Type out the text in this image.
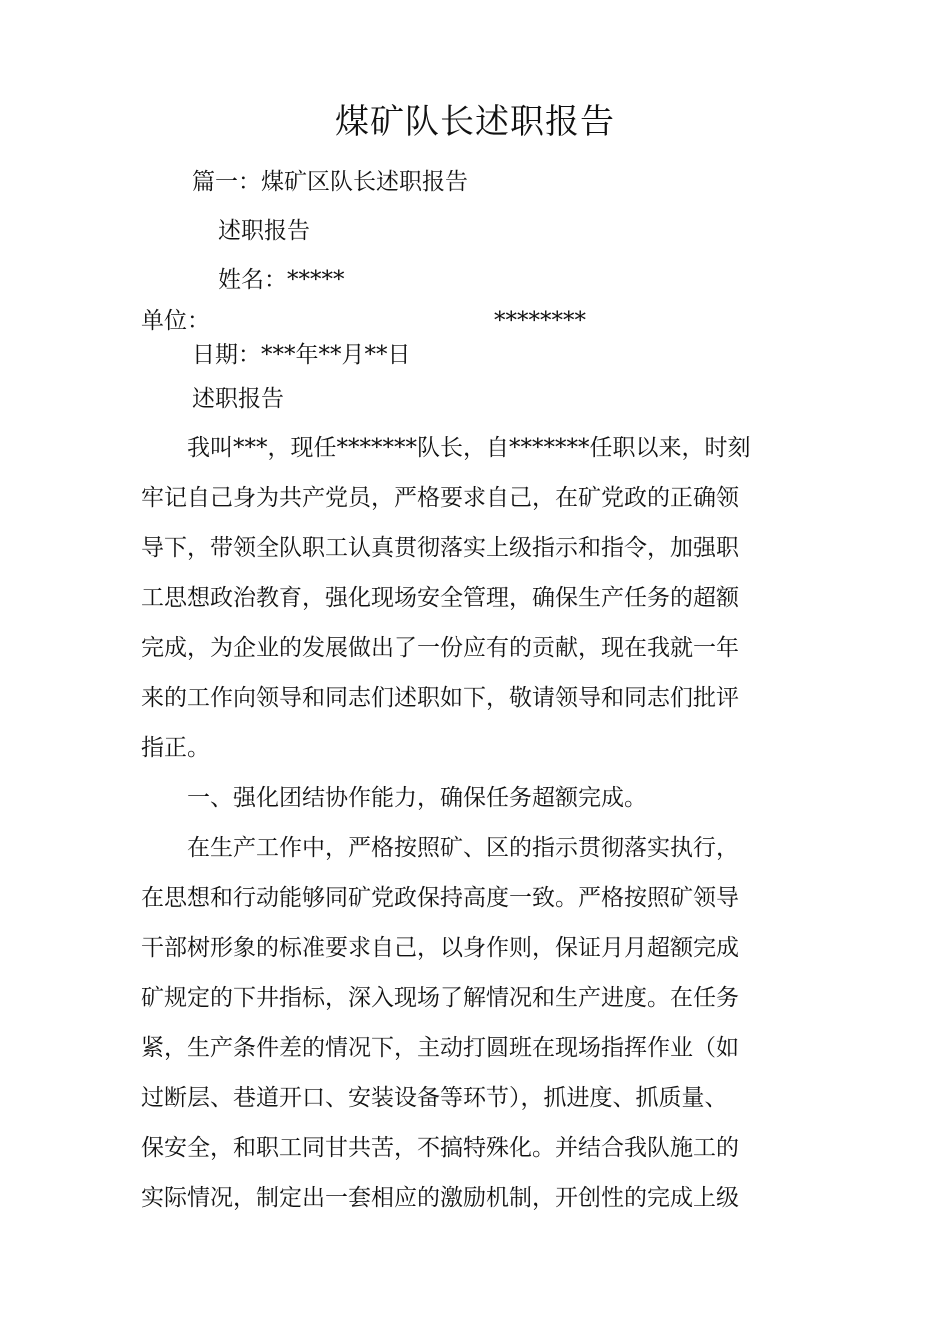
煤矿队长述职报告
篇一：煤矿区队长述职报告
述职报告
姓名：*****
单位：	********
日期：***年**月**日
述职报告
　　我叫***，现任*******队长，自*******任职以来，时刻
牢记自己身为共产党员，严格要求自己，在矿党政的正确领
导下，带领全队职工认真贯彻落实上级指示和指令，加强职
工思想政治教育，强化现场安全管理，确保生产任务的超额
完成，为企业的发展做出了一份应有的贡献，现在我就一年
来的工作向领导和同志们述职如下，敬请领导和同志们批评
指正。
　　一、强化团结协作能力，确保任务超额完成。
　　在生产工作中，严格按照矿、区的指示贯彻落实执行，
在思想和行动能够同矿党政保持高度一致。严格按照矿领导
干部树形象的标准要求自己，以身作则，保证月月超额完成
矿规定的下井指标，深入现场了解情况和生产进度。在任务
紧，生产条件差的情况下，主动打圆班在现场指挥作业（如
过断层、巷道开口、安装设备等环节），抓进度、抓质量、
保安全，和职工同甘共苦，不搞特殊化。并结合我队施工的
实际情况，制定出一套相应的激励机制，开创性的完成上级
